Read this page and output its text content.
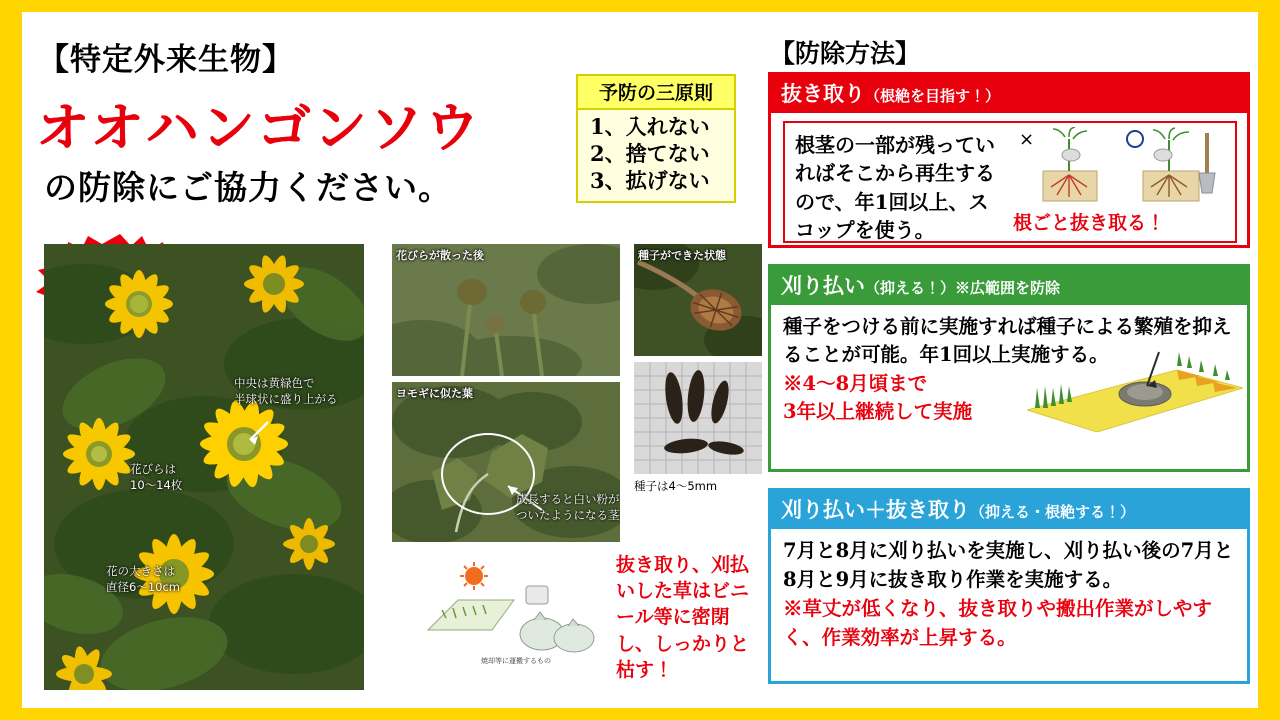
【特定外来生物】
オオハンゴンソウ
の防除にご協力ください。
予防の三原則
1、入れない
2、捨てない
3、拡げない

中央は黄緑色で
半球状に盛り上がる
花びらは
10～14枚
花の大きさは
直径6～10cm
花びらが散った後
ヨモギに似た葉
成長すると白い粉が
ついたようになる茎
種子ができた状態
種子は4～5mm
焼却等に運搬するもの
抜き取り、刈払いした草はビニール等に密閉し、しっかりと枯す！
【防除方法】
抜き取り（根絶を目指す！）
根茎の一部が残っていればそこから再生するので、年1回以上、スコップを使う。	根ごと抜き取る！
×
刈り払い（抑える！）※広範囲を防除
種子をつける前に実施すれば種子による繁殖を抑えることが可能。年1回以上実施する。
※4～8月頃まで
3年以上継続して実施
刈り払い＋抜き取り（抑える・根絶する！）
7月と8月に刈り払いを実施し、刈り払い後の7月と8月と9月に抜き取り作業を実施する。
※草丈が低くなり、抜き取りや搬出作業がしやすく、作業効率が上昇する。
